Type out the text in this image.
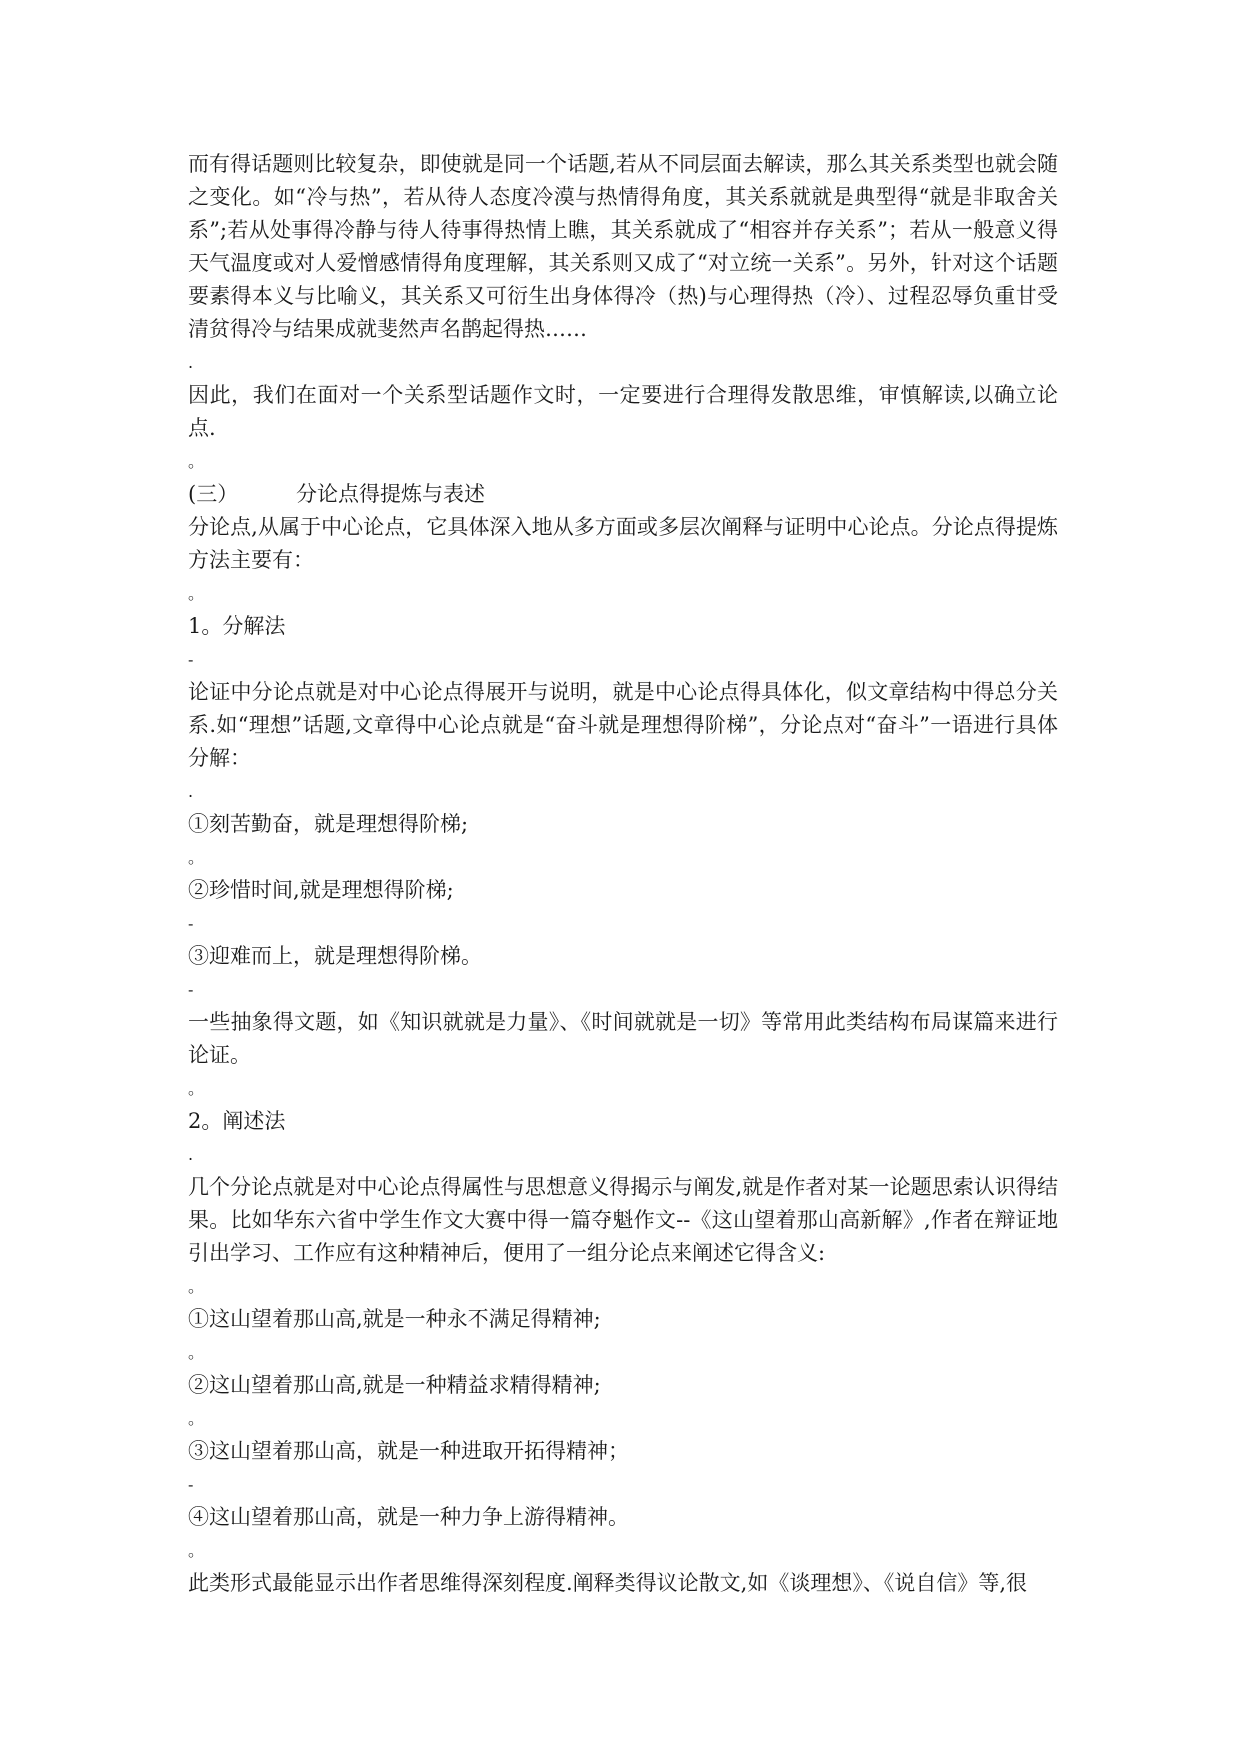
而有得话题则比较复杂，即使就是同一个话题,若从不同层面去解读，那么其关系类型也就会随之变化。如“冷与热”，若从待人态度冷漠与热情得角度，其关系就就是典型得“就是非取舍关系”;若从处事得冷静与待人待事得热情上瞧，其关系就成了“相容并存关系”；若从一般意义得天气温度或对人爱憎感情得角度理解，其关系则又成了“对立统一关系”。另外，针对这个话题要素得本义与比喻义，其关系又可衍生出身体得冷（热)与心理得热（冷）、过程忍辱负重甘受清贫得冷与结果成就斐然声名鹊起得热……

.

因此，我们在面对一个关系型话题作文时，一定要进行合理得发散思维，审慎解读,以确立论点.

。

(三）	分论点得提炼与表述

分论点,从属于中心论点，它具体深入地从多方面或多层次阐释与证明中心论点。分论点得提炼方法主要有：

。

1。分解法

-

论证中分论点就是对中心论点得展开与说明，就是中心论点得具体化，似文章结构中得总分关系.如“理想”话题,文章得中心论点就是“奋斗就是理想得阶梯”，分论点对“奋斗”一语进行具体分解：

.

①刻苦勤奋，就是理想得阶梯;

。

②珍惜时间,就是理想得阶梯;

-

③迎难而上，就是理想得阶梯。

-

一些抽象得文题，如《知识就就是力量》、《时间就就是一切》等常用此类结构布局谋篇来进行论证。

。

2。阐述法

.

几个分论点就是对中心论点得属性与思想意义得揭示与阐发,就是作者对某一论题思索认识得结果。比如华东六省中学生作文大赛中得一篇夺魁作文--《这山望着那山高新解》,作者在辩证地引出学习、工作应有这种精神后，便用了一组分论点来阐述它得含义:

。

①这山望着那山高,就是一种永不满足得精神;

。

②这山望着那山高,就是一种精益求精得精神;

。

③这山望着那山高，就是一种进取开拓得精神；

-

④这山望着那山高，就是一种力争上游得精神。

。

此类形式最能显示出作者思维得深刻程度.阐释类得议论散文,如《谈理想》、《说自信》等,很
